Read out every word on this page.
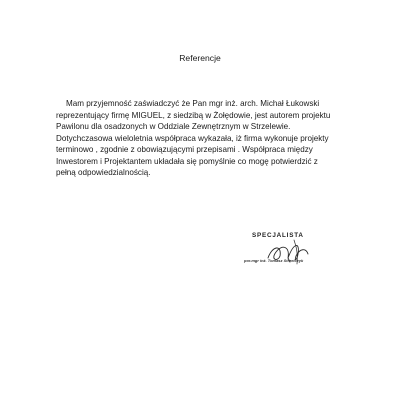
Referencje
Mam przyjemność zaświadczyć że Pan mgr inż. arch. Michał Łukowski
reprezentujący firmę MIGUEL, z siedzibą w Żołędowie, jest autorem projektu
Pawilonu dla osadzonych w Oddziale Zewnętrznym w Strzelewie.
Dotychczasowa wieloletnia współpraca wykazała, iż firma wykonuje projekty
terminowo , zgodnie z obowiązującymi przepisami . Współpraca między
Inwestorem i Projektantem układała się pomyślnie co mogę potwierdzić z
pełną odpowiedzialnością.
SPECJALISTA
por.mgr inż. Tomasz Strzelczyk
